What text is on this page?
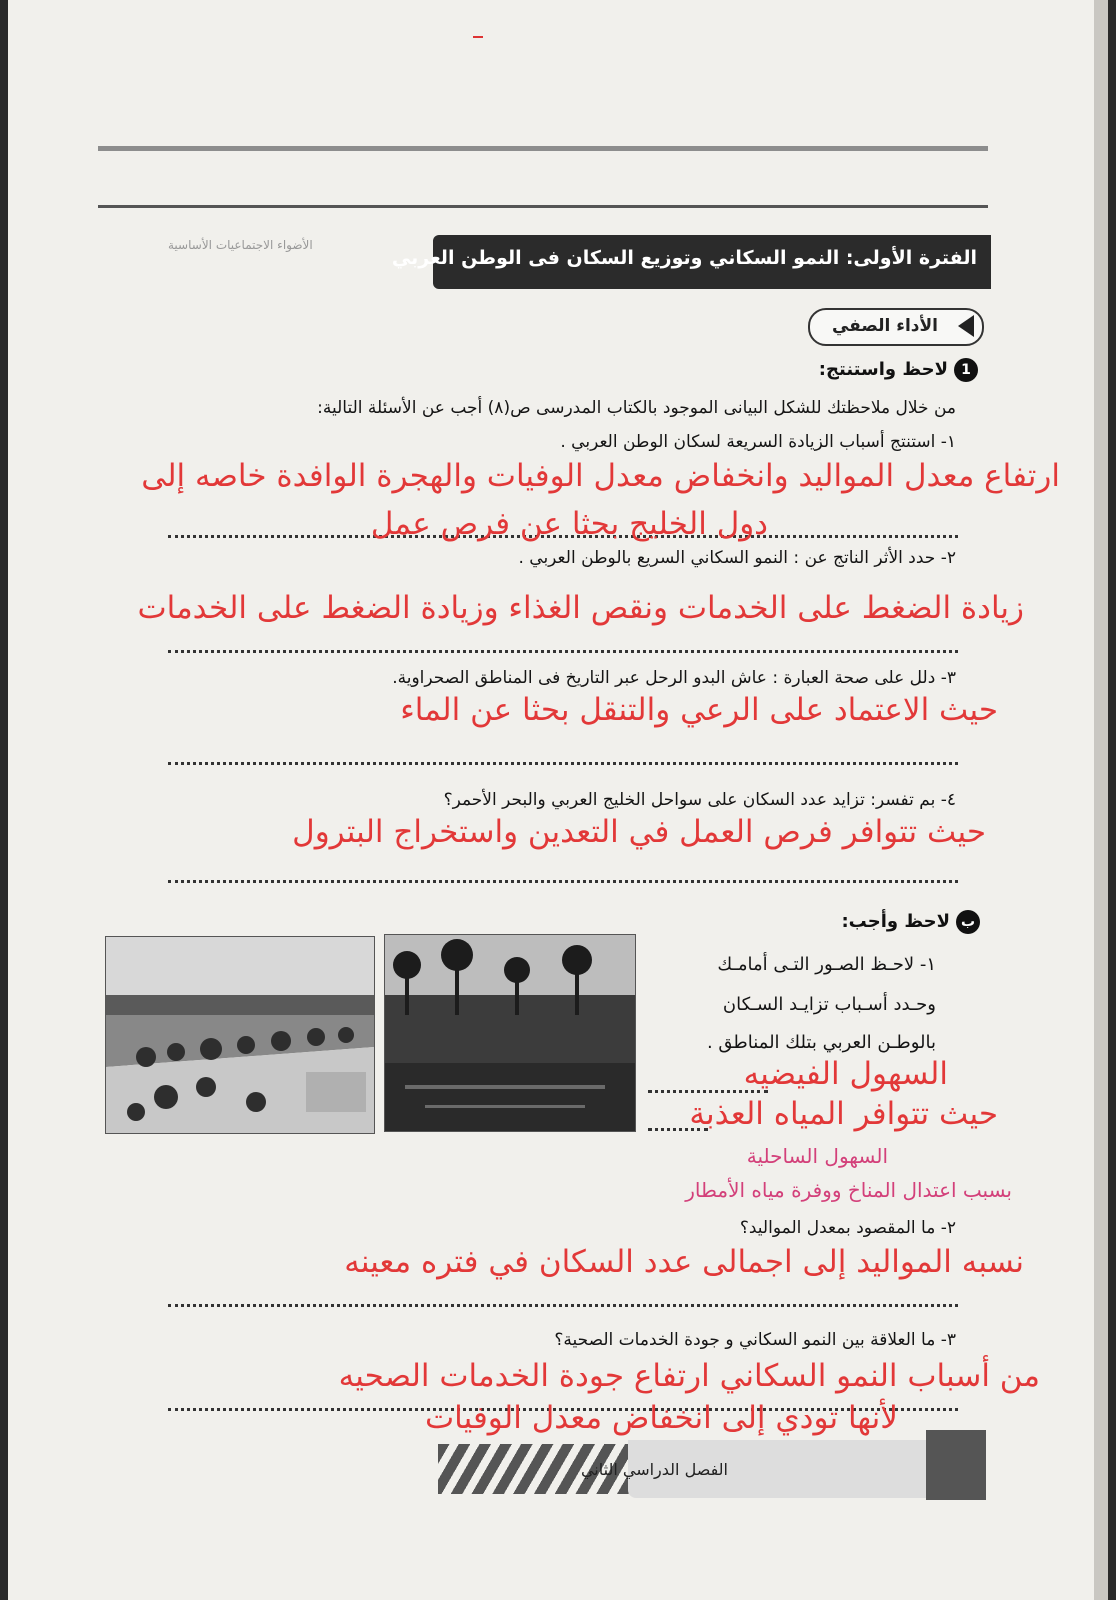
الأضواء الاجتماعيات الأساسية
الفترة الأولى: النمو السكاني وتوزيع السكان فى الوطن العربي
الأداء الصفي
1لاحظ واستنتج:
من خلال ملاحظتك للشكل البيانى الموجود بالكتاب المدرسى ص(٨) أجب عن الأسئلة التالية:
١- استنتج أسباب الزيادة السريعة لسكان الوطن العربي .
ارتفاع معدل المواليد وانخفاض معدل الوفيات والهجرة الوافدة خاصه إلى
دول الخليج بحثا عن فرص عمل
٢- حدد الأثر الناتج عن : النمو السكاني السريع بالوطن العربي .
زيادة الضغط على الخدمات ونقص الغذاء وزيادة الضغط على الخدمات
٣- دلل على صحة العبارة : عاش البدو الرحل عبر التاريخ فى المناطق الصحراوية.
حيث الاعتماد على الرعي والتنقل بحثا عن الماء
٤- بم تفسر: تزايد عدد السكان على سواحل الخليج العربي والبحر الأحمر؟
حيث تتوافر فرص العمل في التعدين واستخراج البترول
بلاحظ وأجب:
١- لاحـظ الصـور التـى أمامـك
وحـدد أسـباب تزايـد السـكان
بالوطـن العربي بتلك المناطق .
السهول الفيضيه
حيث تتوافر المياه العذبة
السهول الساحلية
بسبب اعتدال المناخ ووفرة مياه الأمطار
٢- ما المقصود بمعدل المواليد؟
نسبه المواليد إلى اجمالى عدد السكان في فتره معينه
٣- ما العلاقة بين النمو السكاني و جودة الخدمات الصحية؟
من أسباب النمو السكاني ارتفاع جودة الخدمات الصحيه
لأنها تودي إلى انخفاض معدل الوفيات
الفصل الدراسي الثاني
